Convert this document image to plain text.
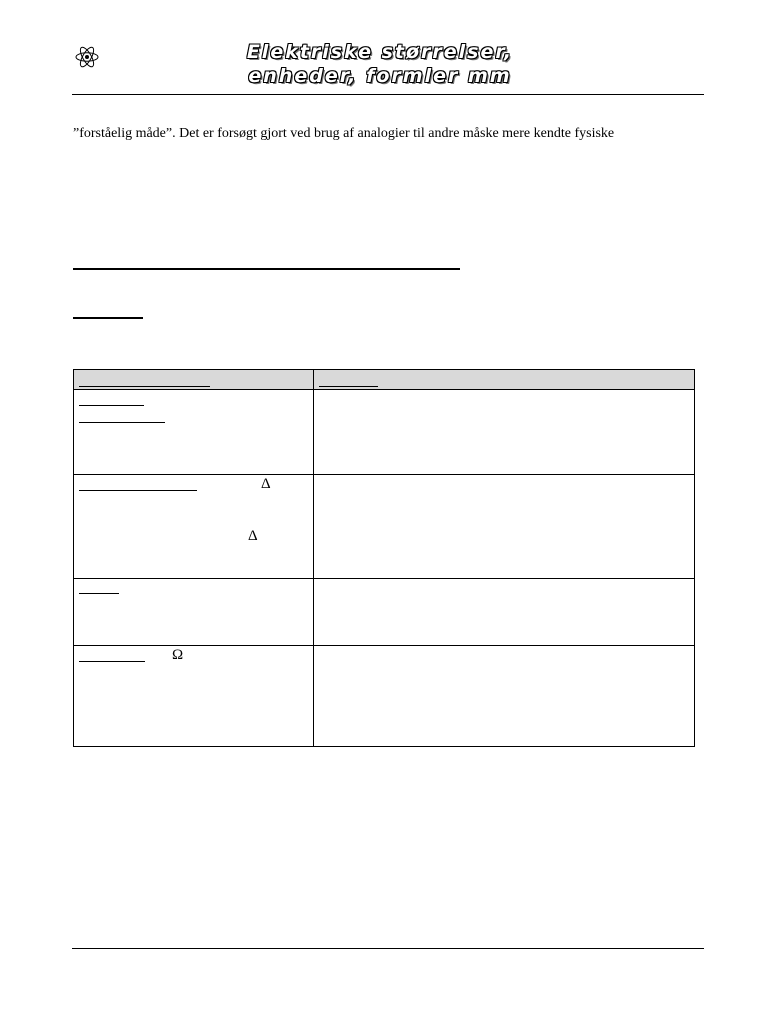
Elektriske størrelser,
enheder, formler mm
”forståelig måde”. Det er forsøgt gjort ved brug af analogier til andre måske mere kendte fysiske
Δ
Δ
Ω
